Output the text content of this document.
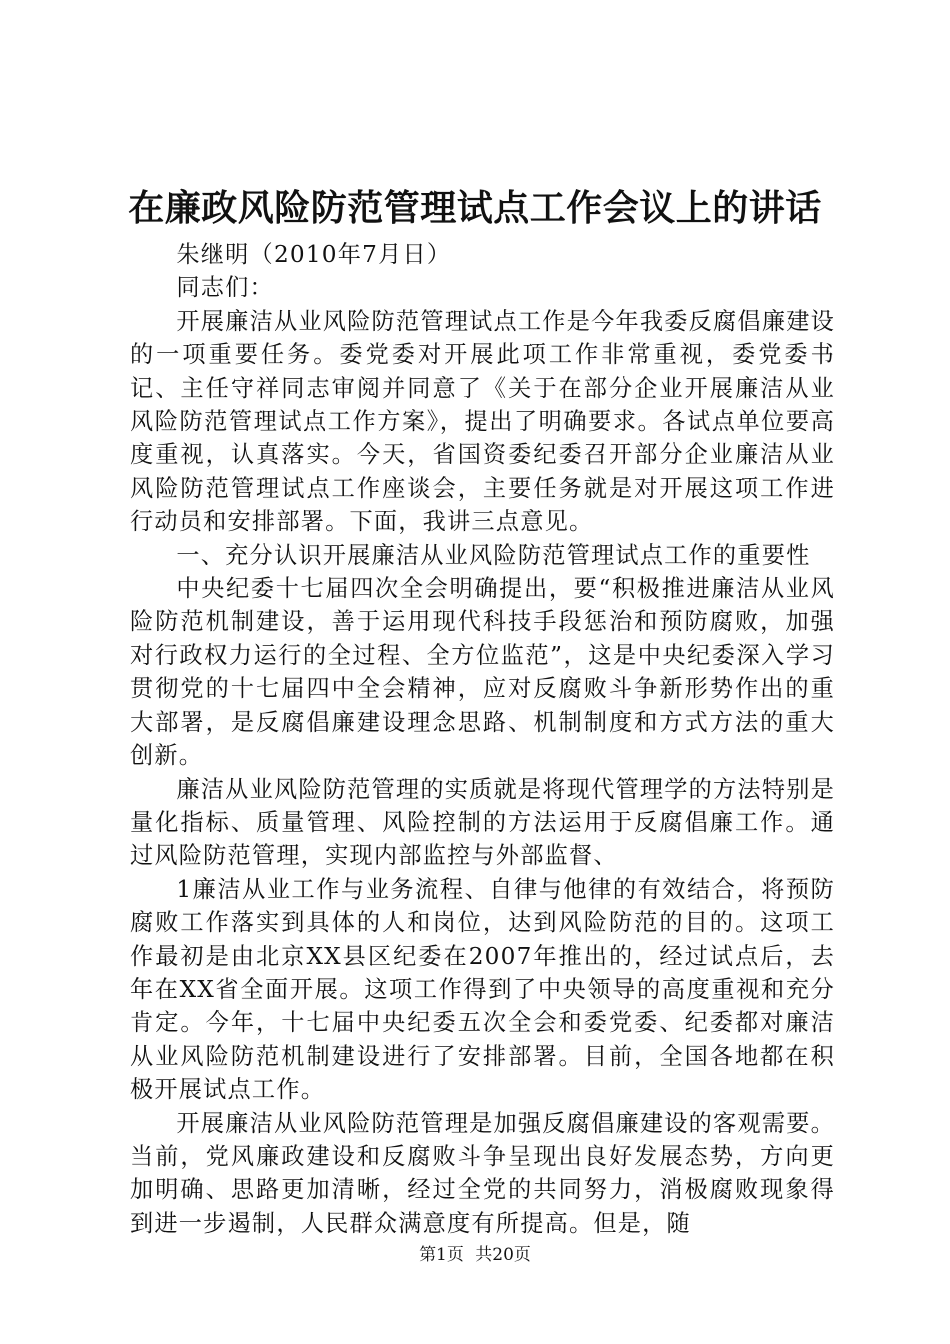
在廉政风险防范管理试点工作会议上的讲话

朱继明（2010年7月日）

同志们：

开展廉洁从业风险防范管理试点工作是今年我委反腐倡廉建设的一项重要任务。委党委对开展此项工作非常重视，委党委书记、主任守祥同志审阅并同意了《关于在部分企业开展廉洁从业风险防范管理试点工作方案》，提出了明确要求。各试点单位要高度重视，认真落实。今天，省国资委纪委召开部分企业廉洁从业风险防范管理试点工作座谈会，主要任务就是对开展这项工作进行动员和安排部署。下面，我讲三点意见。

一、充分认识开展廉洁从业风险防范管理试点工作的重要性

中央纪委十七届四次全会明确提出，要“积极推进廉洁从业风险防范机制建设，善于运用现代科技手段惩治和预防腐败，加强对行政权力运行的全过程、全方位监范”，这是中央纪委深入学习贯彻党的十七届四中全会精神，应对反腐败斗争新形势作出的重大部署，是反腐倡廉建设理念思路、机制制度和方式方法的重大创新。

廉洁从业风险防范管理的实质就是将现代管理学的方法特别是量化指标、质量管理、风险控制的方法运用于反腐倡廉工作。通过风险防范管理，实现内部监控与外部监督、

1廉洁从业工作与业务流程、自律与他律的有效结合，将预防腐败工作落实到具体的人和岗位，达到风险防范的目的。这项工作最初是由北京XX县区纪委在2007年推出的，经过试点后，去年在XX省全面开展。这项工作得到了中央领导的高度重视和充分肯定。今年，十七届中央纪委五次全会和委党委、纪委都对廉洁从业风险防范机制建设进行了安排部署。目前，全国各地都在积极开展试点工作。

开展廉洁从业风险防范管理是加强反腐倡廉建设的客观需要。当前，党风廉政建设和反腐败斗争呈现出良好发展态势，方向更加明确、思路更加清晰，经过全党的共同努力，消极腐败现象得到进一步遏制，人民群众满意度有所提高。但是，随

第1页 共20页
